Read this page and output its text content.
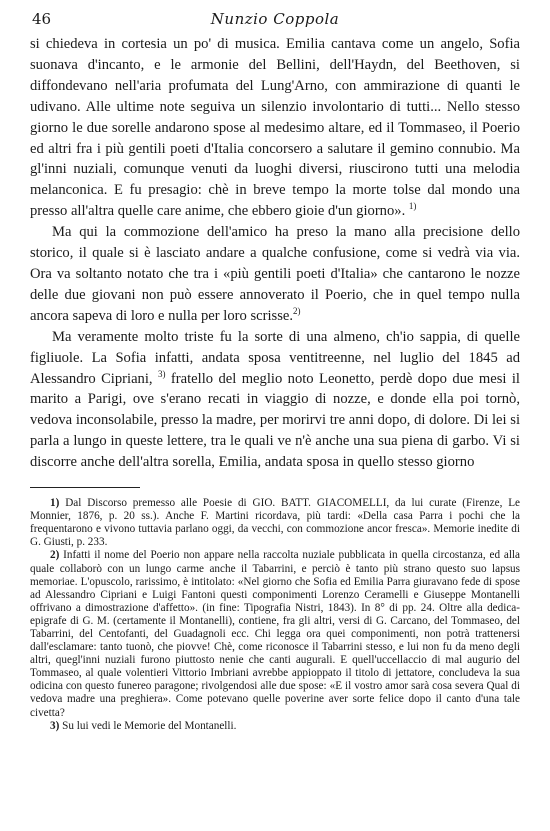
46	Nunzio Coppola

si chiedeva in cortesia un po' di musica. Emilia cantava come un angelo, Sofia suonava d'incanto, e le armonie del Bellini, dell'Haydn, del Beethoven, si diffondevano nell'aria profumata del Lung'Arno, con ammirazione di quanti le udivano. Alle ultime note seguiva un silenzio involontario di tutti... Nello stesso giorno le due sorelle andarono spose al medesimo altare, ed il Tommaseo, il Poerio ed altri fra i più gentili poeti d'Italia concorsero a salutare il gemino connubio. Ma gl'inni nuziali, comunque venuti da luoghi diversi, riuscirono tutti una melodia melanconica. E fu presagio: chè in breve tempo la morte tolse dal mondo una presso all'altra quelle care anime, che ebbero gioie d'un giorno». $^{1)}$

Ma qui la commozione dell'amico ha preso la mano alla precisione dello storico, il quale si è lasciato andare a qualche confusione, come si vedrà via via. Ora va soltanto notato che tra i «più gentili poeti d'Italia» che cantarono le nozze delle due giovani non può essere annoverato il Poerio, che in quel tempo nulla ancora sapeva di loro e nulla per loro scrisse.$^{2)}$

Ma veramente molto triste fu la sorte di una almeno, ch'io sappia, di quelle figliuole. La Sofia infatti, andata sposa ventitreenne, nel luglio del 1845 ad Alessandro Cipriani, $^{3)}$ fratello del meglio noto Leonetto, perdè dopo due mesi il marito a Parigi, ove s'erano recati in viaggio di nozze, e donde ella poi tornò, vedova inconsolabile, presso la madre, per morirvi tre anni dopo, di dolore. Di lei si parla a lungo in queste lettere, tra le quali ve n'è anche una sua piena di garbo. Vi si discorre anche dell'altra sorella, Emilia, andata sposa in quello stesso giorno

1) Dal Discorso premesso alle Poesie di GIO. BATT. GIACOMELLI, da lui curate (Firenze, Le Monnier, 1876, p. 20 ss.). Anche F. Martini ricordava, più tardi: «Della casa Parra i pochi che la frequentarono e vivono tuttavia parlano oggi, da vecchi, con commozione ancor fresca». Memorie inedite di G. Giusti, p. 233.

2) Infatti il nome del Poerio non appare nella raccolta nuziale pubblicata in quella circostanza, ed alla quale collaborò con un lungo carme anche il Tabarrini, e perciò è tanto più strano questo suo lapsus memoriae. L'opuscolo, rarissimo, è intitolato: «Nel giorno che Sofia ed Emilia Parra giuravano fede di spose ad Alessandro Cipriani e Luigi Fantoni questi componimenti Lorenzo Ceramelli e Giuseppe Montanelli offrivano a dimostrazione d'affetto». (in fine: Tipografia Nistri, 1843). In 8° di pp. 24. Oltre alla dedica-epigrafe di G. M. (certamente il Montanelli), contiene, fra gli altri, versi di G. Carcano, del Tommaseo, del Tabarrini, del Centofanti, del Guadagnoli ecc. Chi legga ora quei componimenti, non potrà trattenersi dall'esclamare: tanto tuonò, che piovve! Chè, come riconosce il Tabarrini stesso, e lui non fu da meno degli altri, quegl'inni nuziali furono piuttosto nenie che canti augurali. E quell'uccellaccio di mal augurio del Tommaseo, al quale volentieri Vittorio Imbriani avrebbe appioppato il titolo di jettatore, concludeva la sua odicina con questo funereo paragone; rivolgendosi alle due spose: «E il vostro amor sarà cosa severa Qual di vedova madre una preghiera». Come potevano quelle poverine aver sorte felice dopo il canto d'una tale civetta?

3) Su lui vedi le Memorie del Montanelli.
